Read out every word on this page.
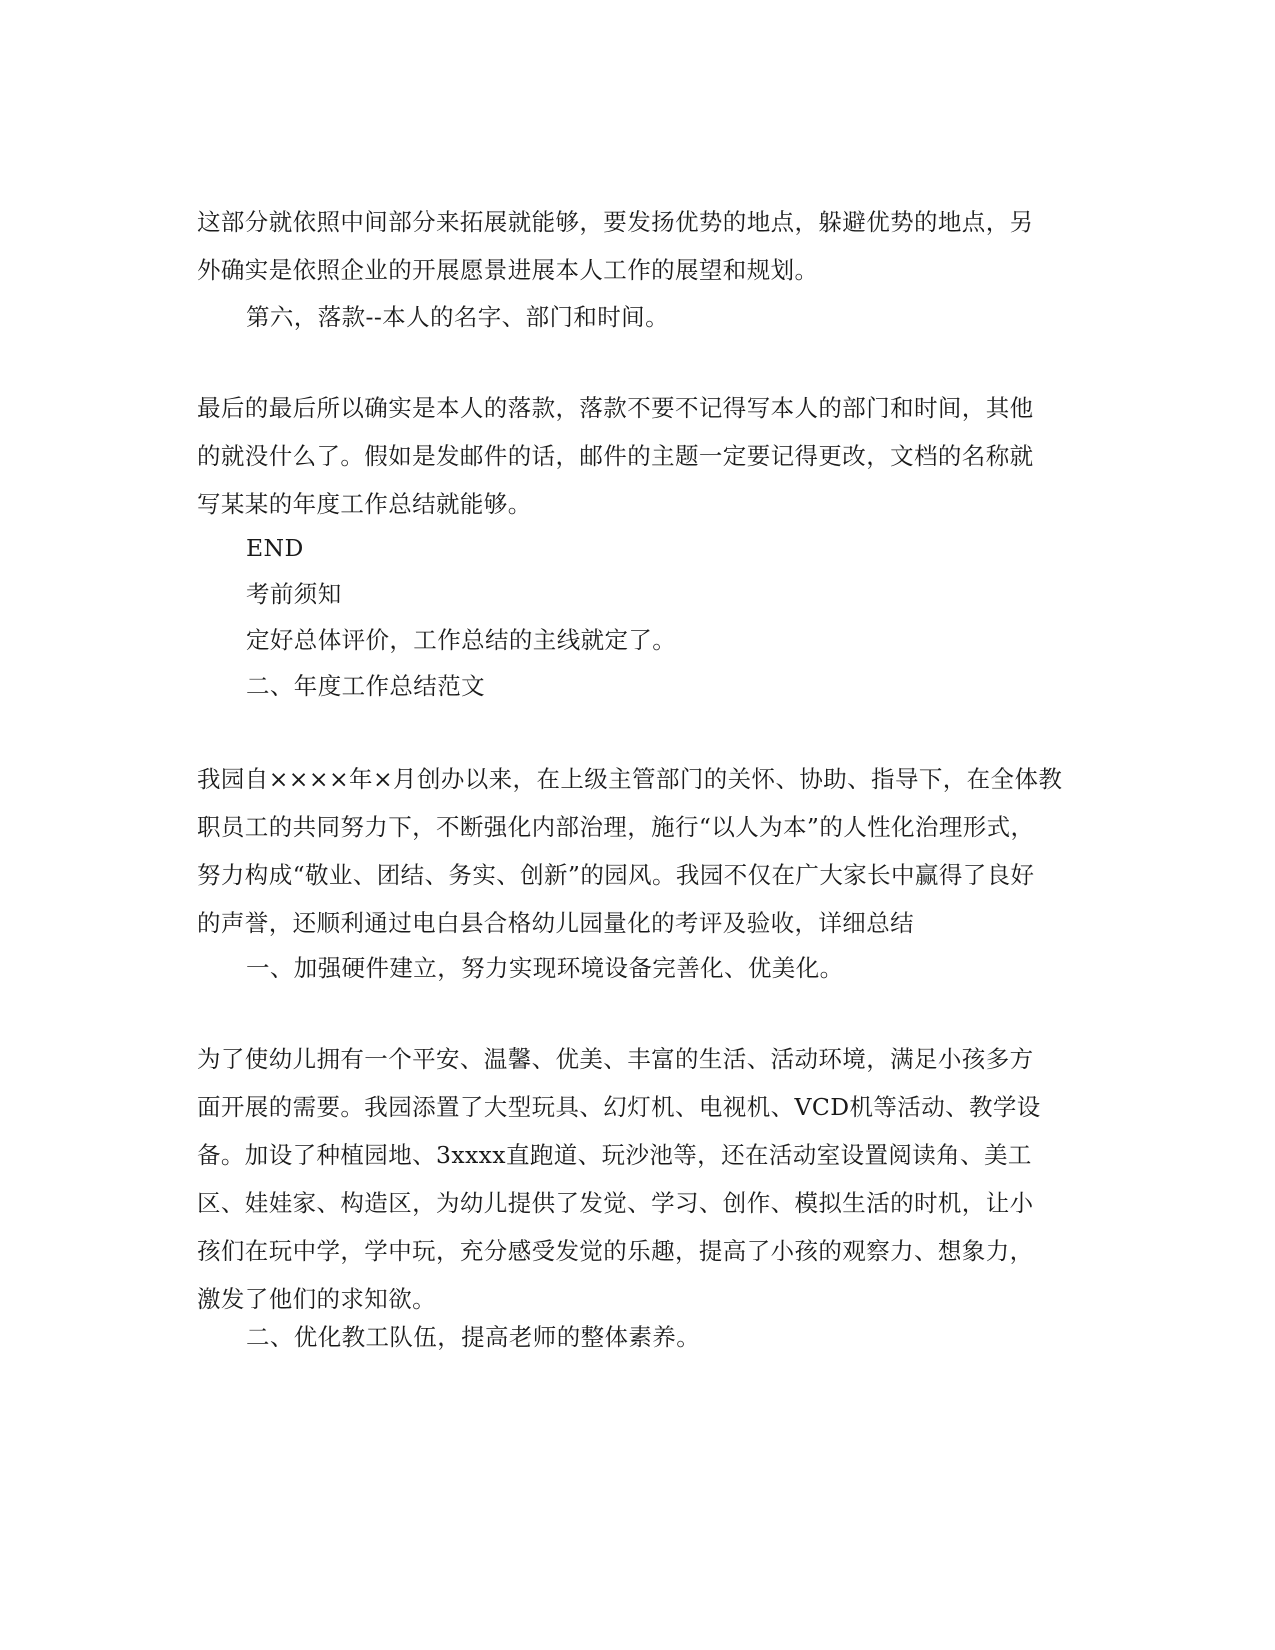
这部分就依照中间部分来拓展就能够，要发扬优势的地点，躲避优势的地点，另
外确实是依照企业的开展愿景进展本人工作的展望和规划。
第六，落款--本人的名字、部门和时间。
最后的最后所以确实是本人的落款，落款不要不记得写本人的部门和时间，其他
的就没什么了。假如是发邮件的话，邮件的主题一定要记得更改，文档的名称就
写某某的年度工作总结就能够。
END
考前须知
定好总体评价，工作总结的主线就定了。
二、年度工作总结范文
我园自××××年×月创办以来，在上级主管部门的关怀、协助、指导下，在全体教
职员工的共同努力下，不断强化内部治理，施行“以人为本”的人性化治理形式，
努力构成“敬业、团结、务实、创新”的园风。我园不仅在广大家长中赢得了良好
的声誉，还顺利通过电白县合格幼儿园量化的考评及验收，详细总结
一、加强硬件建立，努力实现环境设备完善化、优美化。
为了使幼儿拥有一个平安、温馨、优美、丰富的生活、活动环境，满足小孩多方
面开展的需要。我园添置了大型玩具、幻灯机、电视机、VCD机等活动、教学设
备。加设了种植园地、3xxxx直跑道、玩沙池等，还在活动室设置阅读角、美工
区、娃娃家、构造区，为幼儿提供了发觉、学习、创作、模拟生活的时机，让小
孩们在玩中学，学中玩，充分感受发觉的乐趣，提高了小孩的观察力、想象力，
激发了他们的求知欲。
二、优化教工队伍，提高老师的整体素养。
